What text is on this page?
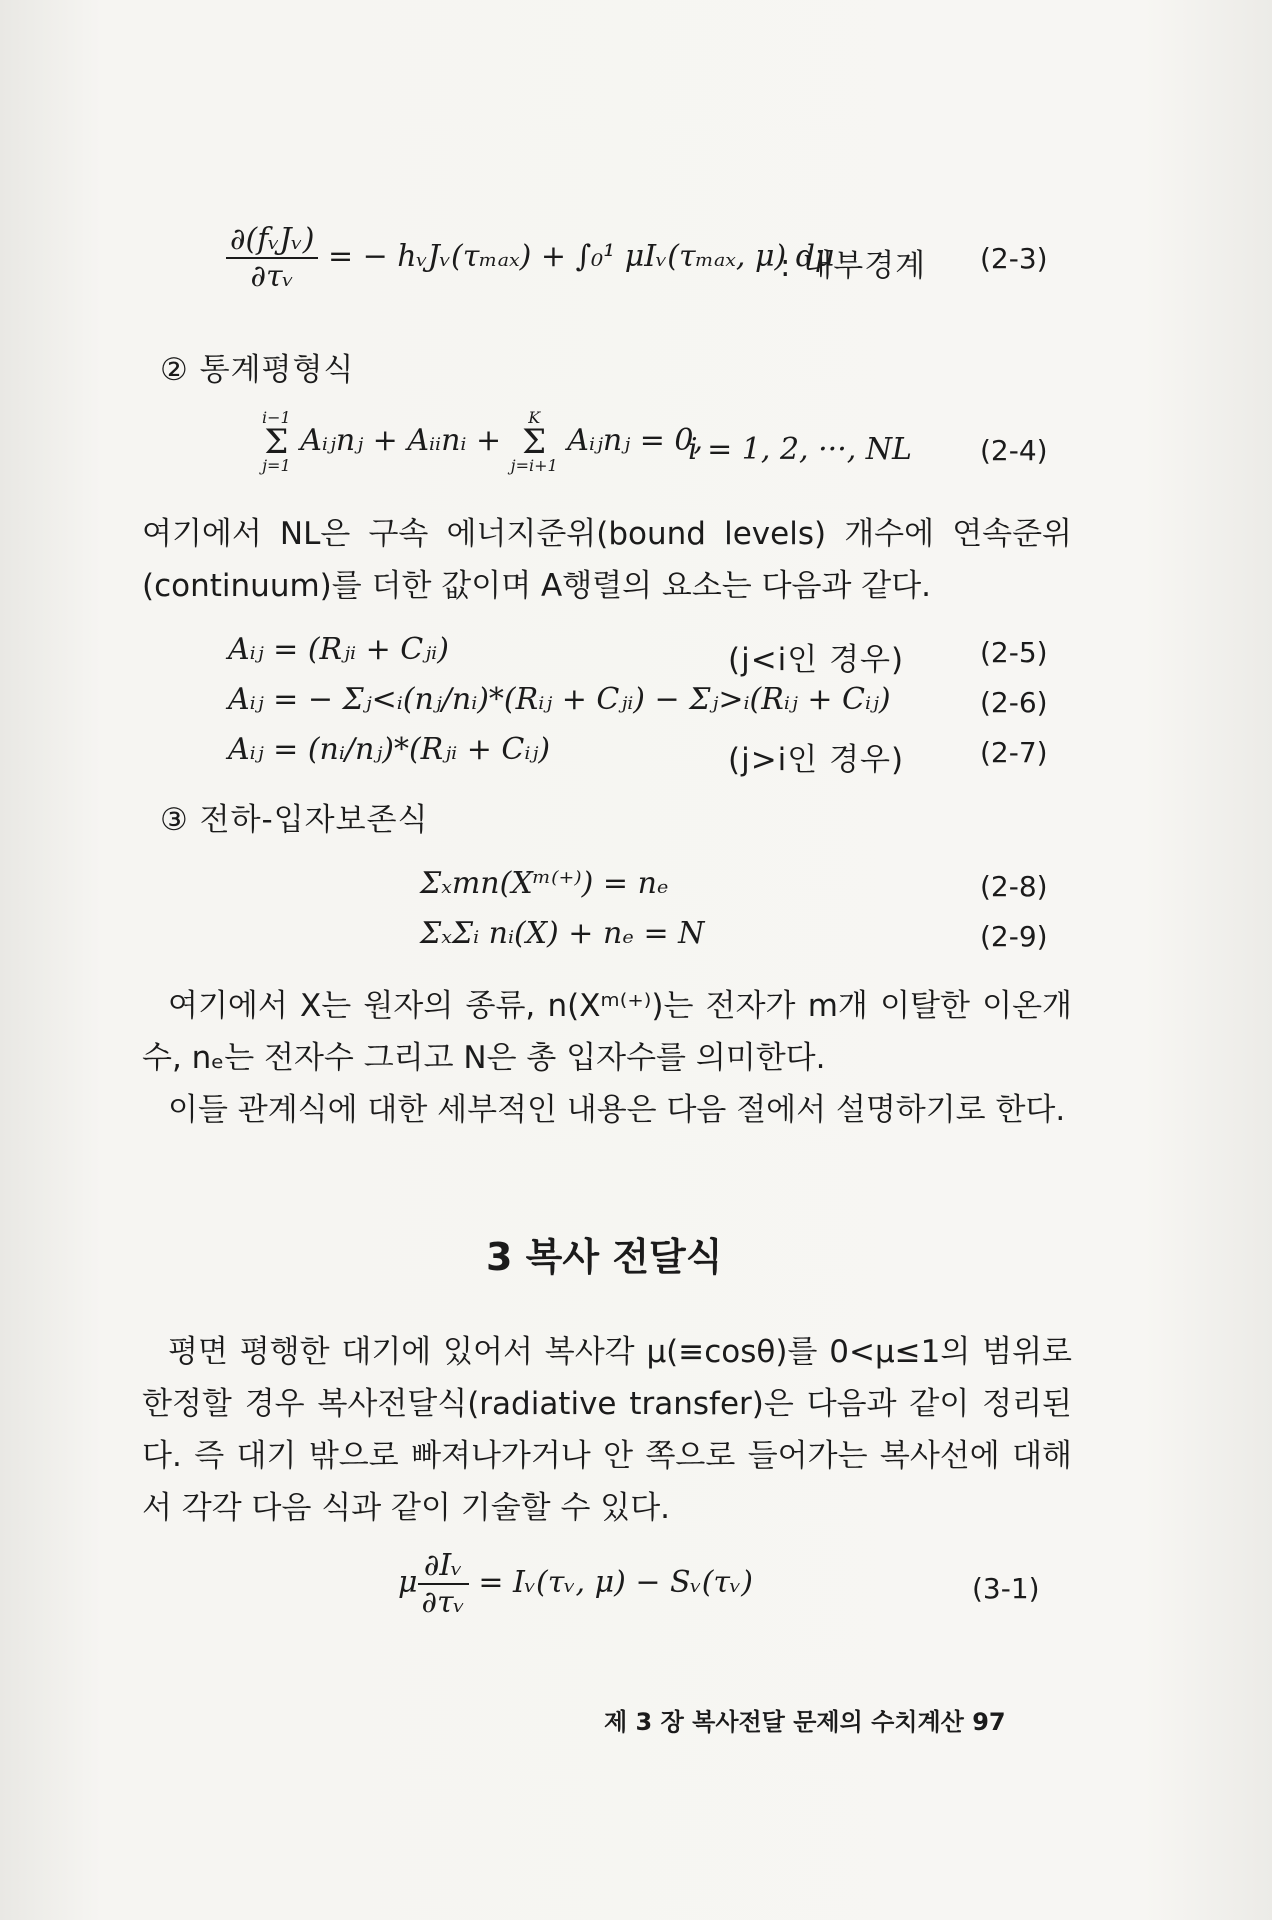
$\frac{\text{∂(fᵥJᵥ)}}{\text{∂τᵥ}}$ = − hᵥJᵥ(τₘₐₓ) + ∫₀¹ μIᵥ(τₘₐₓ, μ) dμ
: 내부경계 (2-3)
② 통계평형식
i−1
Σ
j=1
Aᵢⱼnⱼ + Aᵢᵢnᵢ +
K
Σ
j=i+1
Aᵢⱼnⱼ = 0,
i = 1, 2, ···, NL (2-4)
여기에서 NL은 구속 에너지준위(bound levels) 개수에 연속준위(continuum)를 더한 값이며 A행렬의 요소는 다음과 같다.
Aᵢⱼ = (Rⱼᵢ + Cⱼᵢ)	(j<i인 경우)	(2-5)
Aᵢⱼ = − Σⱼ<ᵢ(nⱼ/nᵢ)*(Rᵢⱼ + Cⱼᵢ) − Σⱼ>ᵢ(Rᵢⱼ + Cᵢⱼ)	(2-6)
Aᵢⱼ = (nᵢ/nⱼ)*(Rⱼᵢ + Cᵢⱼ)	(j>i인 경우)	(2-7)
③ 전하-입자보존식
Σₓmn(Xᵐ⁽⁺⁾) = nₑ	(2-8)
ΣₓΣᵢ nᵢ(X) + nₑ = N	(2-9)
여기에서 X는 원자의 종류, n(Xᵐ⁽⁺⁾)는 전자가 m개 이탈한 이온개수, nₑ는 전자수 그리고 N은 총 입자수를 의미한다.
이들 관계식에 대한 세부적인 내용은 다음 절에서 설명하기로 한다.
3 복사 전달식
평면 평행한 대기에 있어서 복사각 μ(≡cosθ)를 0<μ≤1의 범위로 한정할 경우 복사전달식(radiative transfer)은 다음과 같이 정리된다. 즉 대기 밖으로 빠져나가거나 안 쪽으로 들어가는 복사선에 대해서 각각 다음 식과 같이 기술할 수 있다.
μ $\frac{\text{∂Iᵥ}}{\text{∂τᵥ}}$ = Iᵥ(τᵥ, μ) − Sᵥ(τᵥ)	(3-1)
제 3 장 복사전달 문제의 수치계산 97
